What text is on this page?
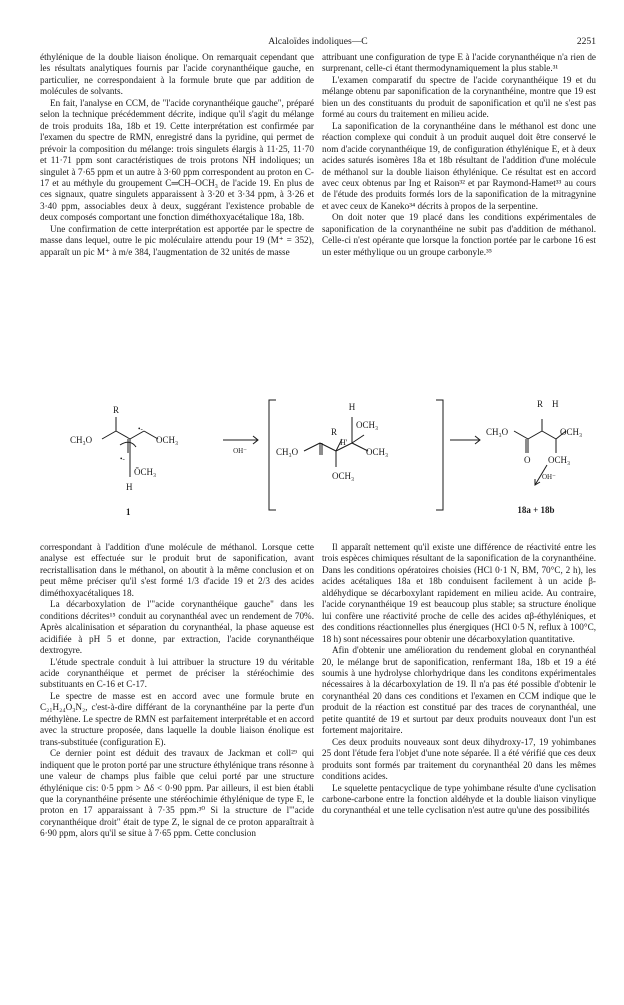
Alcaloïdes indoliques—C	2251

éthylénique de la double liaison énolique. On remarquait cependant que les résultats analytiques fournis par l'acide corynanthéique gauche, en particulier, ne correspondaient à la formule brute que par addition de molécules de solvants.

En fait, l'analyse en CCM, de "l'acide corynanthéique gauche", préparé selon la technique précédemment décrite, indique qu'il s'agit du mélange de trois produits 18a, 18b et 19. Cette interprétation est confirmée par l'examen du spectre de RMN, enregistré dans la pyridine, qui permet de prévoir la composition du mélange: trois singulets élargis à 11·25, 11·70 et 11·71 ppm sont caractéristiques de trois protons NH indoliques; un singulet à 7·65 ppm et un autre à 3·60 ppm correspondent au proton en C-17 et au méthyle du groupement C═CH–OCH₃ de l'acide 19. En plus de ces signaux, quatre singulets apparaissent à 3·20 et 3·34 ppm, à 3·26 et 3·40 ppm, associables deux à deux, suggérant l'existence probable de deux composés comportant une fonction diméthoxyacétalique 18a, 18b.

Une confirmation de cette interprétation est apportée par le spectre de masse dans lequel, outre le pic moléculaire attendu pour 19 (M⁺ = 352), apparaît un pic M⁺ à m/e 384, l'augmentation de 32 unités de masse

attribuant une configuration de type E à l'acide corynanthéique n'a rien de surprenant, celle-ci étant thermodynamiquement la plus stable.³¹

L'examen comparatif du spectre de l'acide corynanthéique 19 et du mélange obtenu par saponification de la corynanthéine, montre que 19 est bien un des constituants du produit de saponification et qu'il ne s'est pas formé au cours du traitement en milieu acide.

La saponification de la corynanthéine dans le méthanol est donc une réaction complexe qui conduit à un produit auquel doit être conservé le nom d'acide corynanthéique 19, de configuration éthylénique E, et à deux acides saturés isomères 18a et 18b résultant de l'addition d'une molécule de méthanol sur la double liaison éthylénique. Ce résultat est en accord avec ceux obtenus par Ing et Raison³² et par Raymond-Hamet³³ au cours de l'étude des produits formés lors de la saponification de la mitragynine et avec ceux de Kaneko³⁴ décrits à propos de la serpentine.

On doit noter que 19 placé dans les conditions expérimentales de saponification de la corynanthéine ne subit pas d'addition de méthanol. Celle-ci n'est opérante que lorsque la fonction portée par le carbone 16 est un ester méthylique ou un groupe carbonyle.³⁵

R
CH₃O	OCH₃
•-
•-
ŌCH₃
H
1
OH⁻
H
OCH₃
R
H'
CH₃O	OCH₃
OCH₃
R H
CH₃O	OCH₃
O OCH₃
OH⁻
18a + 18b

correspondant à l'addition d'une molécule de méthanol. Lorsque cette analyse est effectuée sur le produit brut de saponification, avant recristallisation dans le méthanol, on aboutit à la même conclusion et on peut même préciser qu'il s'est formé 1/3 d'acide 19 et 2/3 des acides diméthoxyacétaliques 18.

La décarboxylation de l'"acide corynanthéique gauche" dans les conditions décrites¹⁵ conduit au corynanthéal avec un rendement de 70%. Après alcalinisation et séparation du corynanthéal, la phase aqueuse est acidifiée à pH 5 et donne, par extraction, l'acide corynanthéique dextrogyre.

L'étude spectrale conduit à lui attribuer la structure 19 du véritable acide corynanthéique et permet de préciser la stéréochimie des substituants en C-16 et C-17.

Le spectre de masse est en accord avec une formule brute en C₂₁H₂₄O₃N₂, c'est-à-dire différant de la corynanthéine par la perte d'un méthylène. Le spectre de RMN est parfaitement interprétable et en accord avec la structure proposée, dans laquelle la double liaison énolique est trans-substituée (configuration E).

Ce dernier point est déduit des travaux de Jackman et coll²⁹ qui indiquent que le proton porté par une structure éthylénique trans résonne à une valeur de champs plus faible que celui porté par une structure éthylénique cis: 0·5 ppm > Δδ < 0·90 ppm. Par ailleurs, il est bien établi que la corynanthéine présente une stéréochimie éthylénique de type E, le proton en 17 apparaissant à 7·35 ppm.³⁰ Si la structure de l'"acide corynanthéique droit" était de type Z, le signal de ce proton apparaîtrait à 6·90 ppm, alors qu'il se situe à 7·65 ppm. Cette conclusion

Il apparaît nettement qu'il existe une différence de réactivité entre les trois espèces chimiques résultant de la saponification de la corynanthéine. Dans les conditions opératoires choisies (HCl 0·1 N, BM, 70°C, 2 h), les acides acétaliques 18a et 18b conduisent facilement à un acide β-aldéhydique se décarboxylant rapidement en milieu acide. Au contraire, l'acide corynanthéique 19 est beaucoup plus stable; sa structure énolique lui confère une réactivité proche de celle des acides αβ-éthyléniques, et des conditions réactionnelles plus énergiques (HCl 0·5 N, reflux à 100°C, 18 h) sont nécessaires pour obtenir une décarboxylation quantitative.

Afin d'obtenir une amélioration du rendement global en corynanthéal 20, le mélange brut de saponification, renfermant 18a, 18b et 19 a été soumis à une hydrolyse chlorhydrique dans les conditons expérimentales nécessaires à la décarboxylation de 19. Il n'a pas été possible d'obtenir le corynanthéal 20 dans ces conditions et l'examen en CCM indique que le produit de la réaction est constitué par des traces de corynanthéal, une petite quantité de 19 et surtout par deux produits nouveaux dont l'un est fortement majoritaire.

Ces deux produits nouveaux sont deux dihydroxy-17, 19 yohimbanes 25 dont l'étude fera l'objet d'une note séparée. Il a été vérifié que ces deux produits sont formés par traitement du corynanthéal 20 dans les mêmes conditions acides.

Le squelette pentacyclique de type yohimbane résulte d'une cyclisation carbone-carbone entre la fonction aldéhyde et la double liaison vinylique du corynanthéal et une telle cyclisation n'est autre qu'une des possibilités
